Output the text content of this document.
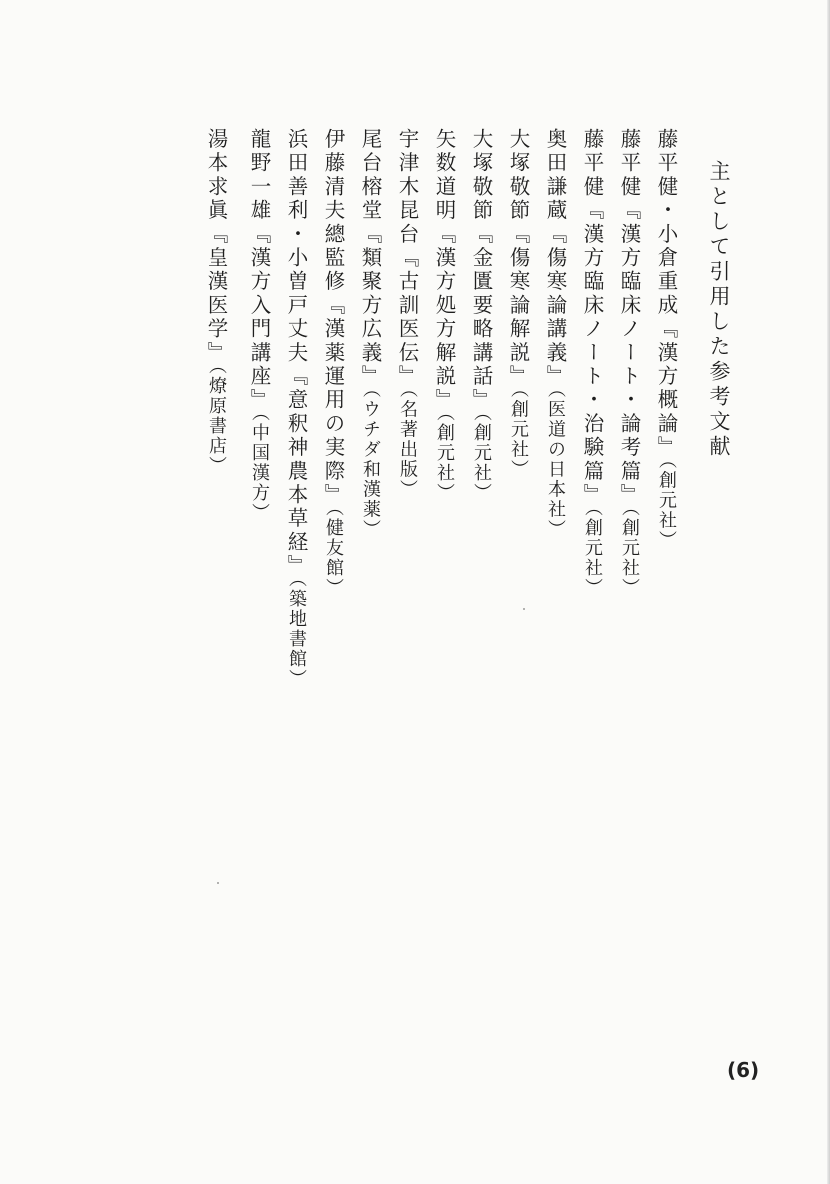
主として引用した参考文献
藤平健・小倉重成『漢方概論』（創元社）
藤平健『漢方臨床ノート・論考篇』（創元社）
藤平健『漢方臨床ノート・治験篇』（創元社）
奥田謙蔵『傷寒論講義』（医道の日本社）
大塚敬節『傷寒論解説』（創元社）
大塚敬節『金匱要略講話』（創元社）
矢数道明『漢方処方解説』（創元社）
宇津木昆台『古訓医伝』（名著出版）
尾台榕堂『類聚方広義』（ウチダ和漢薬）
伊藤清夫總監修『漢薬運用の実際』（健友館）
浜田善利・小曽戸丈夫『意釈神農本草経』（築地書館）
龍野一雄『漢方入門講座』（中国漢方）
湯本求眞『皇漢医学』（燎原書店）
(6)
